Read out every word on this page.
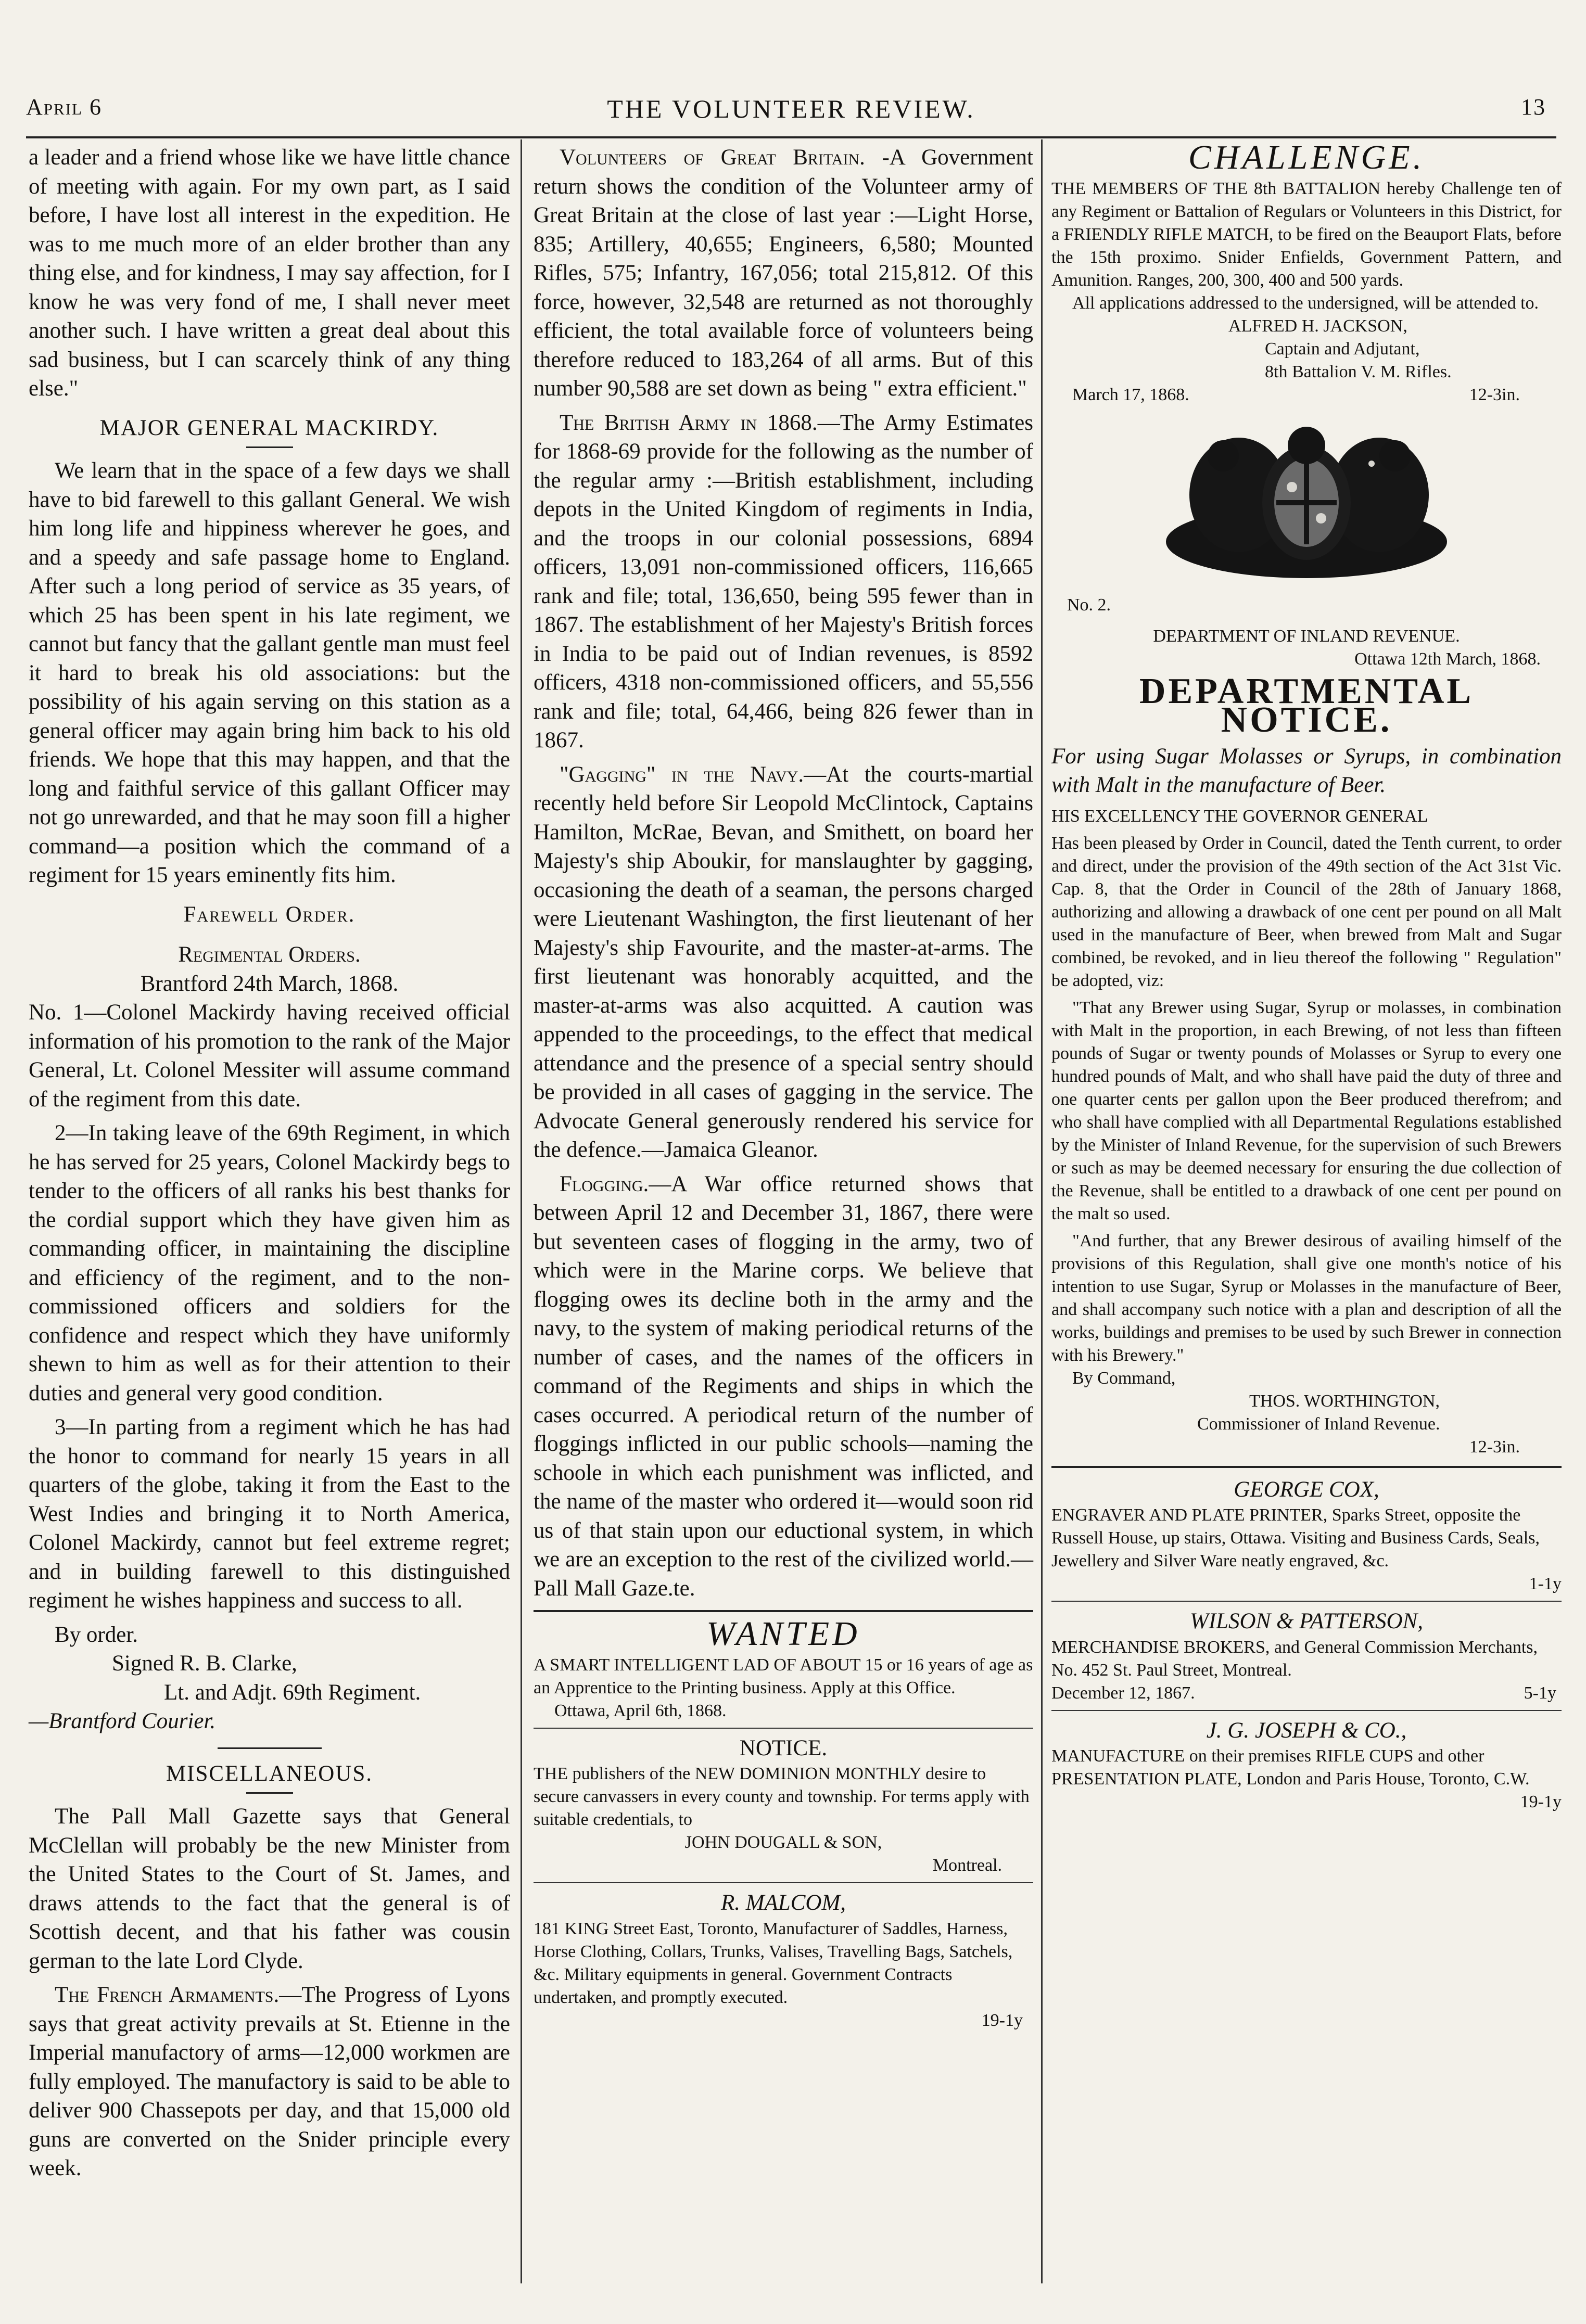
April 6	THE VOLUNTEER REVIEW.	13

a leader and a friend whose like we have little chance of meeting with again. For my own part, as I said before, I have lost all interest in the expedition. He was to me much more of an elder brother than any thing else, and for kindness, I may say affection, for I know he was very fond of me, I shall never meet another such. I have written a great deal about this sad business, but I can scarcely think of any thing else."

MAJOR GENERAL MACKIRDY.

We learn that in the space of a few days we shall have to bid farewell to this gallant General. We wish him long life and hippiness wherever he goes, and and a speedy and safe passage home to England. After such a long period of service as 35 years, of which 25 has been spent in his late regiment, we cannot but fancy that the gallant gentle man must feel it hard to break his old associations: but the possibility of his again serving on this station as a general officer may again bring him back to his old friends. We hope that this may happen, and that the long and faithful service of this gallant Officer may not go unrewarded, and that he may soon fill a higher command—a position which the command of a regiment for 15 years eminently fits him.

Farewell Order.
Regimental Orders.
Brantford 24th March, 1868.

No. 1—Colonel Mackirdy having received official information of his promotion to the rank of the Major General, Lt. Colonel Messiter will assume command of the regiment from this date.

2—In taking leave of the 69th Regiment, in which he has served for 25 years, Colonel Mackirdy begs to tender to the officers of all ranks his best thanks for the cordial support which they have given him as commanding officer, in maintaining the discipline and efficiency of the regiment, and to the non-commissioned officers and soldiers for the confidence and respect which they have uniformly shewn to him as well as for their attention to their duties and general very good condition.

3—In parting from a regiment which he has had the honor to command for nearly 15 years in all quarters of the globe, taking it from the East to the West Indies and bringing it to North America, Colonel Mackirdy, cannot but feel extreme regret; and in building farewell to this distinguished regiment he wishes happiness and success to all.

By order.
Signed R. B. Clarke,
Lt. and Adjt. 69th Regiment.
—Brantford Courier.
MISCELLANEOUS.

The Pall Mall Gazette says that General McClellan will probably be the new Minister from the United States to the Court of St. James, and draws attends to the fact that the general is of Scottish decent, and that his father was cousin german to the late Lord Clyde.

The French Armaments.—The Progress of Lyons says that great activity prevails at St. Etienne in the Imperial manufactory of arms—12,000 workmen are fully employed. The manufactory is said to be able to deliver 900 Chassepots per day, and that 15,000 old guns are converted on the Snider principle every week.

Volunteers of Great Britain. -A Government return shows the condition of the Volunteer army of Great Britain at the close of last year :—Light Horse, 835; Artillery, 40,655; Engineers, 6,580; Mounted Rifles, 575; Infantry, 167,056; total 215,812. Of this force, however, 32,548 are returned as not thoroughly efficient, the total available force of volunteers being therefore reduced to 183,264 of all arms. But of this number 90,588 are set down as being " extra efficient."

The British Army in 1868.—The Army Estimates for 1868-69 provide for the following as the number of the regular army :—British establishment, including depots in the United Kingdom of regiments in India, and the troops in our colonial possessions, 6894 officers, 13,091 non-commissioned officers, 116,665 rank and file; total, 136,650, being 595 fewer than in 1867. The establishment of her Majesty's British forces in India to be paid out of Indian revenues, is 8592 officers, 4318 non-commissioned officers, and 55,556 rank and file; total, 64,466, being 826 fewer than in 1867.

"Gagging" in the Navy.—At the courts-martial recently held before Sir Leopold McClintock, Captains Hamilton, McRae, Bevan, and Smithett, on board her Majesty's ship Aboukir, for manslaughter by gagging, occasioning the death of a seaman, the persons charged were Lieutenant Washington, the first lieutenant of her Majesty's ship Favourite, and the master-at-arms. The first lieutenant was honorably acquitted, and the master-at-arms was also acquitted. A caution was appended to the proceedings, to the effect that medical attendance and the presence of a special sentry should be provided in all cases of gagging in the service. The Advocate General generously rendered his service for the defence.—Jamaica Gleanor.

Flogging.—A War office returned shows that between April 12 and December 31, 1867, there were but seventeen cases of flogging in the army, two of which were in the Marine corps. We believe that flogging owes its decline both in the army and the navy, to the system of making periodical returns of the number of cases, and the names of the officers in command of the Regiments and ships in which the cases occurred. A periodical return of the number of floggings inflicted in our public schools—naming the schoole in which each punishment was inflicted, and the name of the master who ordered it—would soon rid us of that stain upon our eductional system, in which we are an exception to the rest of the civilized world.—Pall Mall Gaze.te.

WANTED
A SMART INTELLIGENT LAD OF ABOUT 15 or 16 years of age as an Apprentice to the Printing business. Apply at this Office.
Ottawa, April 6th, 1868.
NOTICE.
THE publishers of the NEW DOMINION MONTHLY desire to secure canvassers in every county and township. For terms apply with suitable credentials, to
JOHN DOUGALL & SON,
Montreal.
R. MALCOM,
181 KING Street East, Toronto, Manufacturer of Saddles, Harness, Horse Clothing, Collars, Trunks, Valises, Travelling Bags, Satchels, &c. Military equipments in general. Government Contracts undertaken, and promptly executed.
19-1y
CHALLENGE.
THE MEMBERS OF THE 8th BATTALION hereby Challenge ten of any Regiment or Battalion of Regulars or Volunteers in this District, for a FRIENDLY RIFLE MATCH, to be fired on the Beauport Flats, before the 15th proximo. Snider Enfields, Government Pattern, and Amunition. Ranges, 200, 300, 400 and 500 yards.
All applications addressed to the undersigned, will be attended to.
ALFRED H. JACKSON,
Captain and Adjutant,
8th Battalion V. M. Rifles.
March 17, 1868.	12-3in.
No. 2.
DEPARTMENT OF INLAND REVENUE.
Ottawa 12th March, 1868.
DEPARTMENTAL NOTICE.
For using Sugar Molasses or Syrups, in combination with Malt in the manufacture of Beer.
HIS EXCELLENCY THE GOVERNOR GENERAL
Has been pleased by Order in Council, dated the Tenth current, to order and direct, under the provision of the 49th section of the Act 31st Vic. Cap. 8, that the Order in Council of the 28th of January 1868, authorizing and allowing a drawback of one cent per pound on all Malt used in the manufacture of Beer, when brewed from Malt and Sugar combined, be revoked, and in lieu thereof the following " Regulation" be adopted, viz:
"That any Brewer using Sugar, Syrup or molasses, in combination with Malt in the proportion, in each Brewing, of not less than fifteen pounds of Sugar or twenty pounds of Molasses or Syrup to every one hundred pounds of Malt, and who shall have paid the duty of three and one quarter cents per gallon upon the Beer produced therefrom; and who shall have complied with all Departmental Regulations established by the Minister of Inland Revenue, for the supervision of such Brewers or such as may be deemed necessary for ensuring the due collection of the Revenue, shall be entitled to a drawback of one cent per pound on the malt so used.
"And further, that any Brewer desirous of availing himself of the provisions of this Regulation, shall give one month's notice of his intention to use Sugar, Syrup or Molasses in the manufacture of Beer, and shall accompany such notice with a plan and description of all the works, buildings and premises to be used by such Brewer in connection with his Brewery."
By Command,
THOS. WORTHINGTON,
Commissioner of Inland Revenue.
12-3in.
GEORGE COX,
ENGRAVER AND PLATE PRINTER, Sparks Street, opposite the Russell House, up stairs, Ottawa. Visiting and Business Cards, Seals, Jewellery and Silver Ware neatly engraved, &c.
1-1y
WILSON & PATTERSON,
MERCHANDISE BROKERS, and General Commission Merchants, No. 452 St. Paul Street, Montreal.
December 12, 1867.	5-1y
J. G. JOSEPH & CO.,
MANUFACTURE on their premises RIFLE CUPS and other PRESENTATION PLATE, London and Paris House, Toronto, C.W.
19-1y
